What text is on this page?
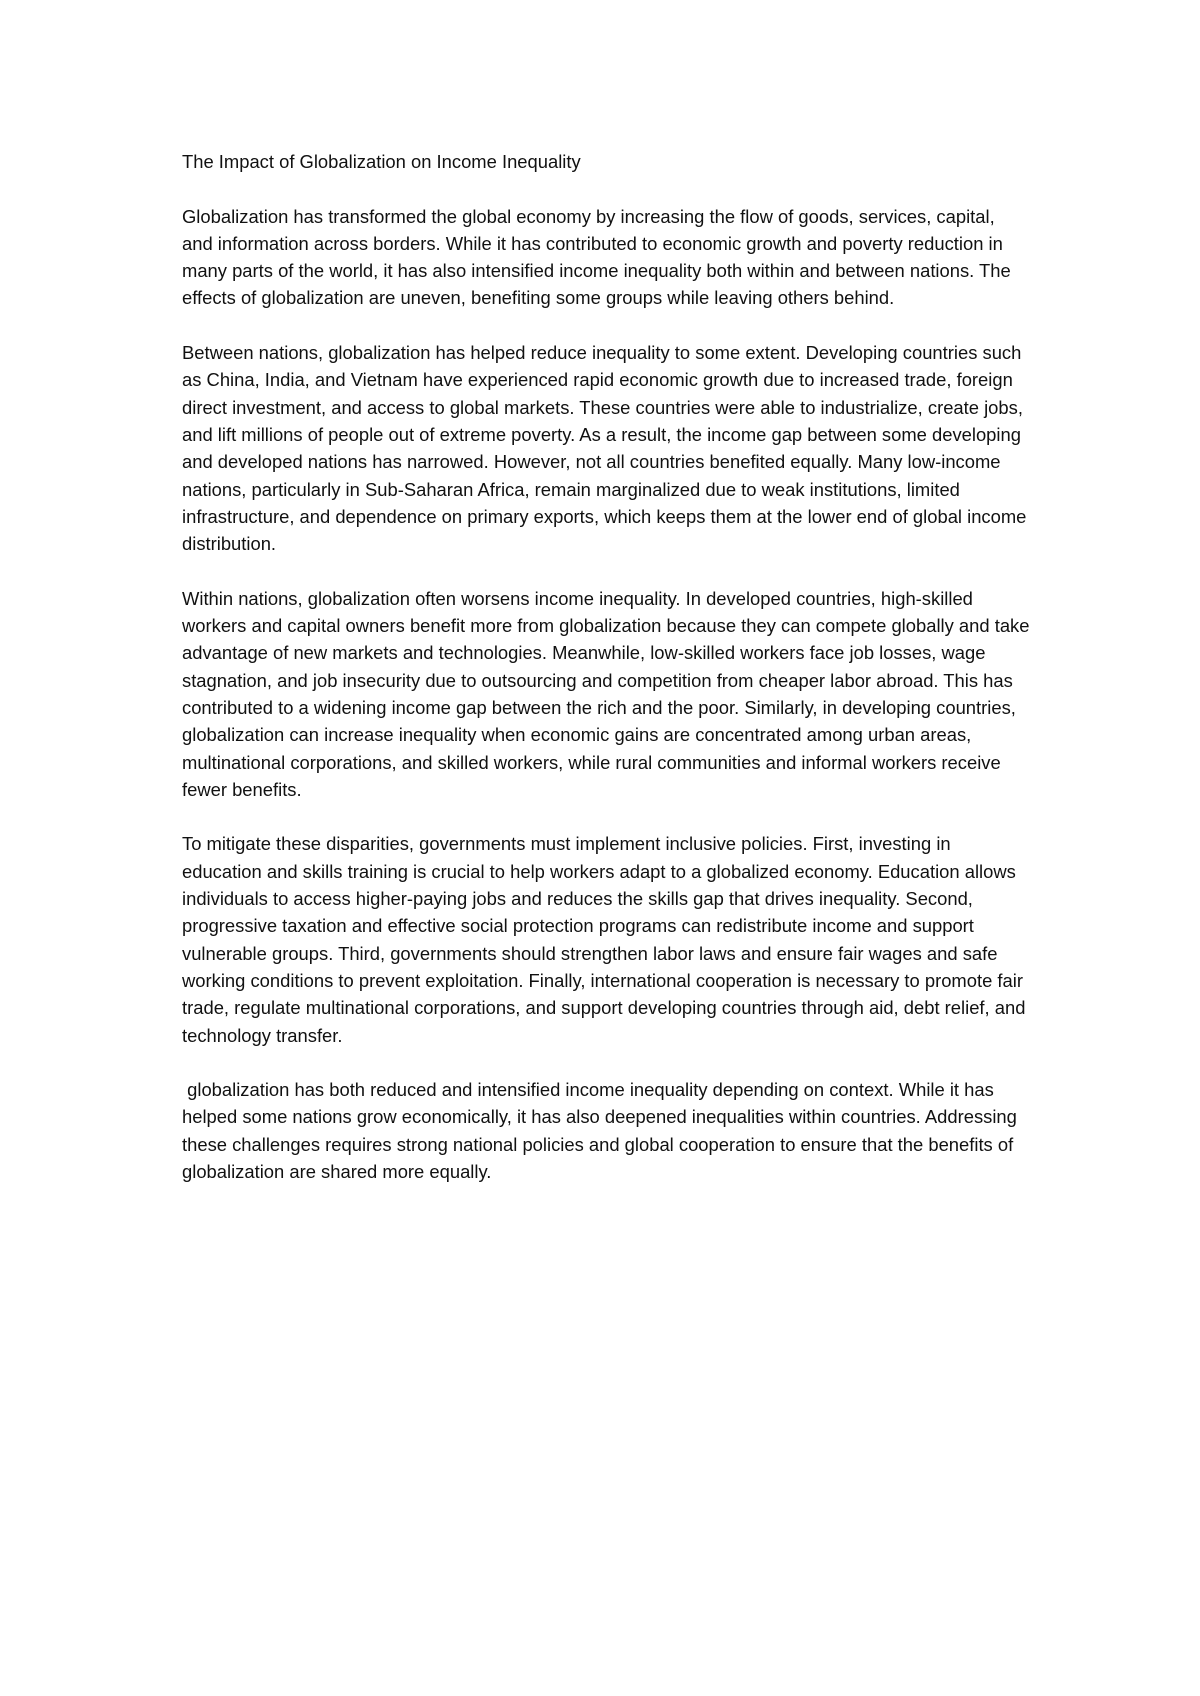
The Impact of Globalization on Income Inequality

Globalization has transformed the global economy by increasing the flow of goods, services, capital, and information across borders. While it has contributed to economic growth and poverty reduction in many parts of the world, it has also intensified income inequality both within and between nations. The effects of globalization are uneven, benefiting some groups while leaving others behind.

Between nations, globalization has helped reduce inequality to some extent. Developing countries such as China, India, and Vietnam have experienced rapid economic growth due to increased trade, foreign direct investment, and access to global markets. These countries were able to industrialize, create jobs, and lift millions of people out of extreme poverty. As a result, the income gap between some developing and developed nations has narrowed. However, not all countries benefited equally. Many low-income nations, particularly in Sub-Saharan Africa, remain marginalized due to weak institutions, limited infrastructure, and dependence on primary exports, which keeps them at the lower end of global income distribution.

Within nations, globalization often worsens income inequality. In developed countries, high-skilled workers and capital owners benefit more from globalization because they can compete globally and take advantage of new markets and technologies. Meanwhile, low-skilled workers face job losses, wage stagnation, and job insecurity due to outsourcing and competition from cheaper labor abroad. This has contributed to a widening income gap between the rich and the poor. Similarly, in developing countries, globalization can increase inequality when economic gains are concentrated among urban areas, multinational corporations, and skilled workers, while rural communities and informal workers receive fewer benefits.

To mitigate these disparities, governments must implement inclusive policies. First, investing in education and skills training is crucial to help workers adapt to a globalized economy. Education allows individuals to access higher-paying jobs and reduces the skills gap that drives inequality. Second, progressive taxation and effective social protection programs can redistribute income and support vulnerable groups. Third, governments should strengthen labor laws and ensure fair wages and safe working conditions to prevent exploitation. Finally, international cooperation is necessary to promote fair trade, regulate multinational corporations, and support developing countries through aid, debt relief, and technology transfer.

globalization has both reduced and intensified income inequality depending on context. While it has helped some nations grow economically, it has also deepened inequalities within countries. Addressing these challenges requires strong national policies and global cooperation to ensure that the benefits of globalization are shared more equally.
